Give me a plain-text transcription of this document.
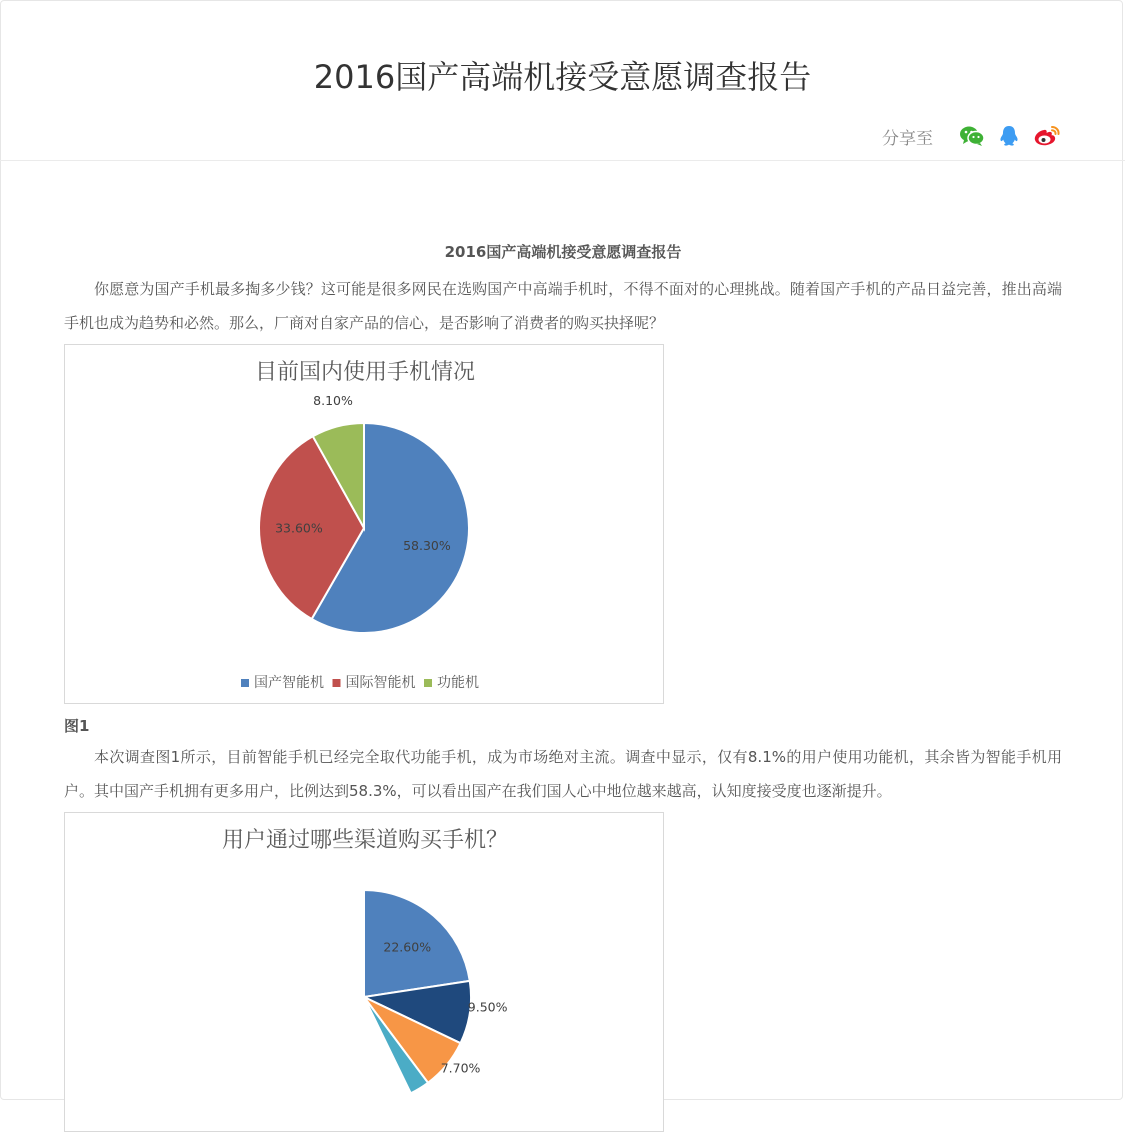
2016国产高端机接受意愿调查报告
分享至
2016国产高端机接受意愿调查报告

你愿意为国产手机最多掏多少钱？这可能是很多网民在选购国产中高端手机时，不得不面对的心理挑战。随着国产手机的产品日益完善，推出高端手机也成为趋势和必然。那么，厂商对自家产品的信心，是否影响了消费者的购买抉择呢？

目前国内使用手机情况
58.30%
33.60%
8.10%
国产智能机 国际智能机 功能机
图1

本次调查图1所示，目前智能手机已经完全取代功能手机，成为市场绝对主流。调查中显示，仅有8.1%的用户使用功能机，其余皆为智能手机用户。其中国产手机拥有更多用户，比例达到58.3%，可以看出国产在我们国人心中地位越来越高，认知度接受度也逐渐提升。

用户通过哪些渠道购买手机？
22.60%
9.50%
7.70%
